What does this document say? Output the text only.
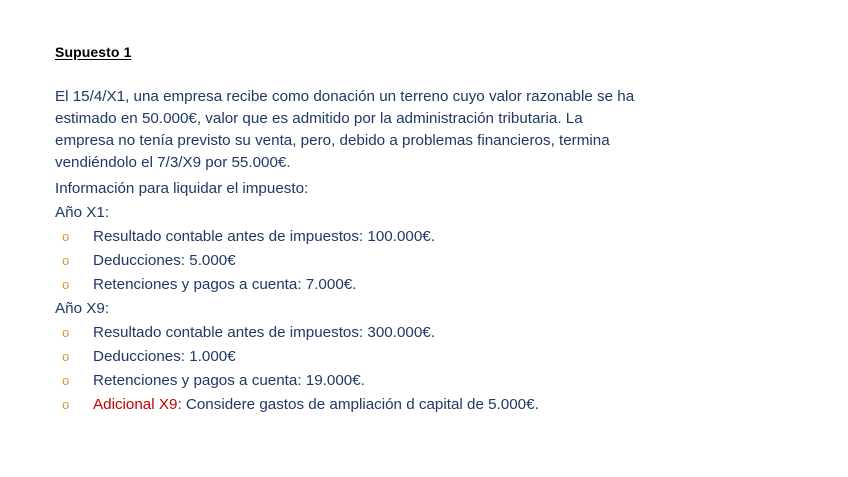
Supuesto 1
El 15/4/X1, una empresa recibe como donación un terreno cuyo valor razonable se ha
estimado en 50.000€, valor que es admitido por la administración tributaria. La
empresa no tenía previsto su venta, pero, debido a problemas financieros, termina
vendiéndolo el 7/3/X9 por 55.000€.
Información para liquidar el impuesto:
Año X1:
o Resultado contable antes de impuestos: 100.000€.
o Deducciones: 5.000€
o Retenciones y pagos a cuenta: 7.000€.
Año X9:
o Resultado contable antes de impuestos: 300.000€.
o Deducciones: 1.000€
o Retenciones y pagos a cuenta: 19.000€.
o Adicional X9: Considere gastos de ampliación d capital de 5.000€.
